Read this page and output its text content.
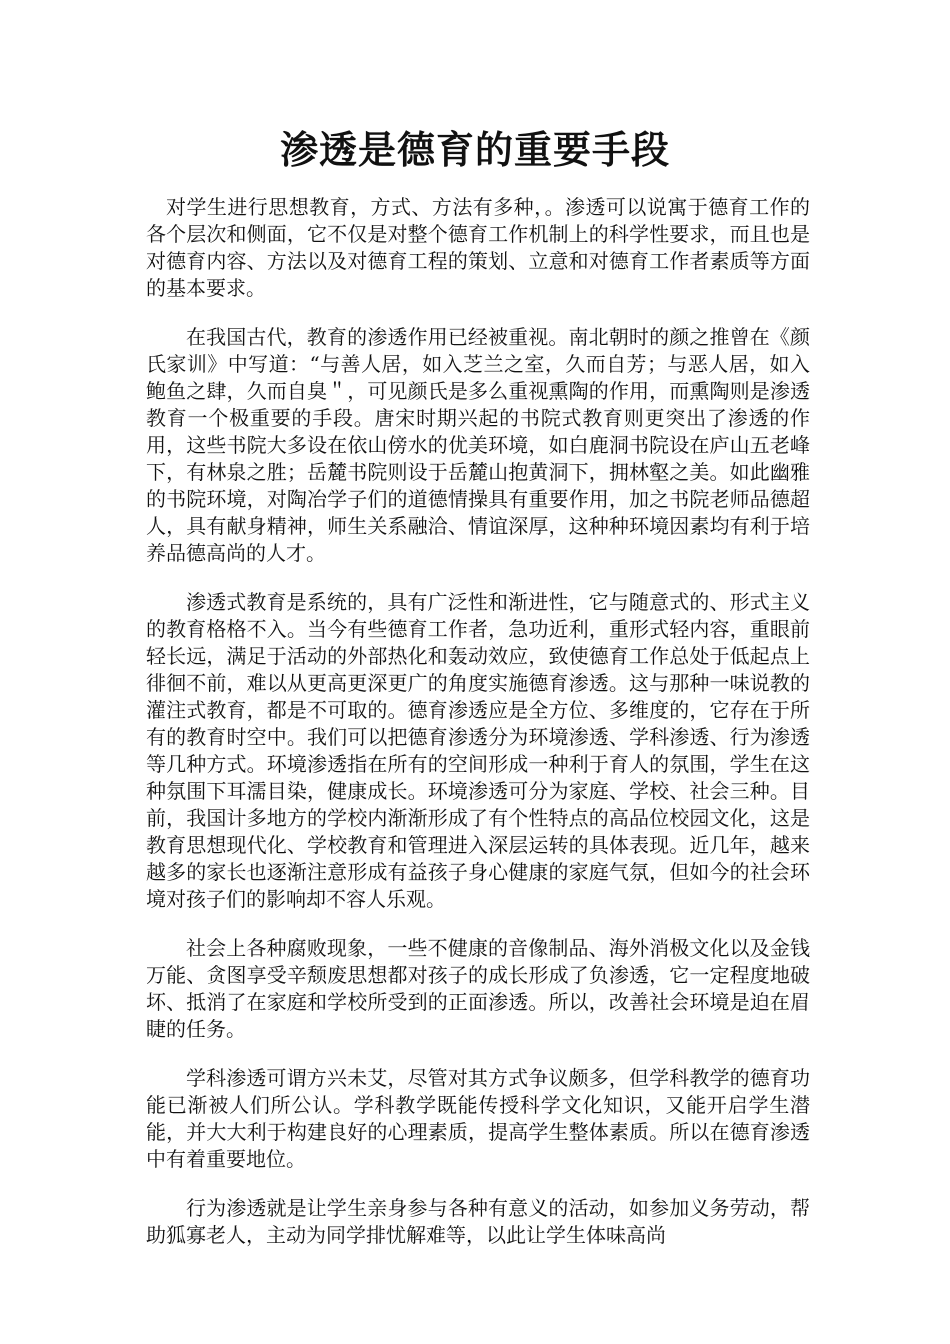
渗透是德育的重要手段

对学生进行思想教育，方式、方法有多种，。渗透可以说寓于德育工作的各个层次和侧面，它不仅是对整个德育工作机制上的科学性要求，而且也是对德育内容、方法以及对德育工程的策划、立意和对德育工作者素质等方面的基本要求。

在我国古代，教育的渗透作用已经被重视。南北朝时的颜之推曾在《颜氏家训》中写道：“与善人居，如入芝兰之室，久而自芳；与恶人居，如入鲍鱼之肆，久而自臭＂，可见颜氏是多么重视熏陶的作用，而熏陶则是渗透教育一个极重要的手段。唐宋时期兴起的书院式教育则更突出了渗透的作用，这些书院大多设在依山傍水的优美环境，如白鹿洞书院设在庐山五老峰下，有林泉之胜；岳麓书院则设于岳麓山抱黄洞下，拥林壑之美。如此幽雅的书院环境，对陶冶学子们的道德情操具有重要作用，加之书院老师品德超人，具有献身精神，师生关系融洽、情谊深厚，这种种环境因素均有利于培养品德高尚的人才。

渗透式教育是系统的，具有广泛性和渐进性，它与随意式的、形式主义的教育格格不入。当今有些德育工作者，急功近利，重形式轻内容，重眼前轻长远，满足于活动的外部热化和轰动效应，致使德育工作总处于低起点上徘徊不前，难以从更高更深更广的角度实施德育渗透。这与那种一味说教的灌注式教育，都是不可取的。德育渗透应是全方位、多维度的，它存在于所有的教育时空中。我们可以把德育渗透分为环境渗透、学科渗透、行为渗透等几种方式。环境渗透指在所有的空间形成一种利于育人的氛围，学生在这种氛围下耳濡目染，健康成长。环境渗透可分为家庭、学校、社会三种。目前，我国计多地方的学校内渐渐形成了有个性特点的高品位校园文化，这是教育思想现代化、学校教育和管理进入深层运转的具体表现。近几年，越来越多的家长也逐渐注意形成有益孩子身心健康的家庭气氛，但如今的社会环境对孩子们的影响却不容人乐观。

社会上各种腐败现象，一些不健康的音像制品、海外消极文化以及金钱万能、贪图享受辛颓废思想都对孩子的成长形成了负渗透，它一定程度地破坏、抵消了在家庭和学校所受到的正面渗透。所以，改善社会环境是迫在眉睫的任务。

学科渗透可谓方兴未艾，尽管对其方式争议颇多，但学科教学的德育功能已渐被人们所公认。学科教学既能传授科学文化知识，又能开启学生潜能，并大大利于构建良好的心理素质，提高学生整体素质。所以在德育渗透中有着重要地位。

行为渗透就是让学生亲身参与各种有意义的活动，如参加义务劳动，帮助狐寡老人，主动为同学排忧解难等，以此让学生体味高尚
